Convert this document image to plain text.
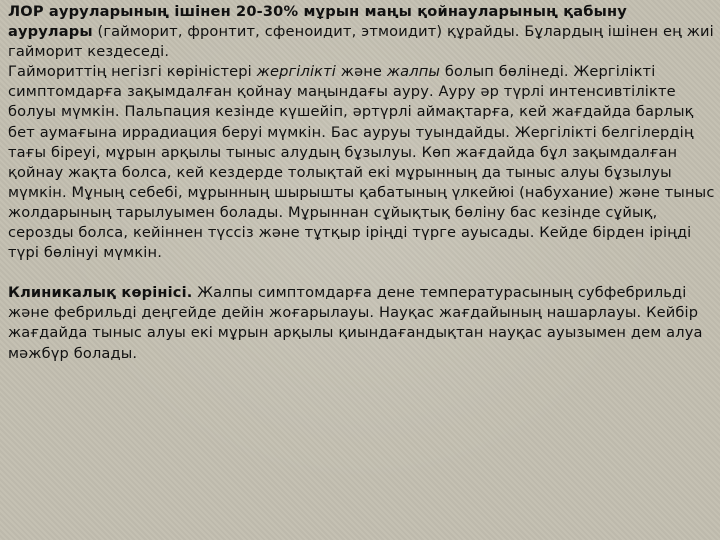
ЛОР ауруларының ішінен 20-30% мұрын маңы қойнауларының қабыну аурулары (гайморит, фронтит, сфеноидит, этмоидит) құрайды. Бұлардың ішінен ең жиі гайморит кездеседі.

Гаймориттің негізгі көріністері жергілікті және жалпы болып бөлінеді. Жергілікті симптомдарға зақымдалған қойнау маңындағы ауру. Ауру әр түрлі интенсивтілікте болуы мүмкін. Пальпация кезінде күшейіп, әртүрлі аймақтарға, кей жағдайда барлық бет аумағына иррадиация беруі мүмкін. Бас ауруы туындайды. Жергілікті белгілердің тағы біреуі, мұрын арқылы тыныс алудың бұзылуы. Көп жағдайда бұл зақымдалған қойнау жақта болса, кей кездерде толықтай екі мұрынның да тыныс алуы бұзылуы мүмкін. Мұның себебі, мұрынның шырышты қабатының үлкейюі (набухание) және тыныс жолдарының тарылуымен болады. Мұрыннан сұйықтық бөліну бас кезінде сұйық, серозды болса, кейіннен түссіз және тұтқыр іріңді түрге ауысады. Кейде бірден іріңді түрі бөлінуі мүмкін.

Клиникалық көрінісі. Жалпы симптомдарға дене температурасының субфебрильді және фебрильді деңгейде дейін жоғарылауы. Науқас жағдайының нашарлауы. Кейбір жағдайда тыныс алуы екі мұрын арқылы қиындағандықтан науқас ауызымен дем алуа мәжбүр болады.
